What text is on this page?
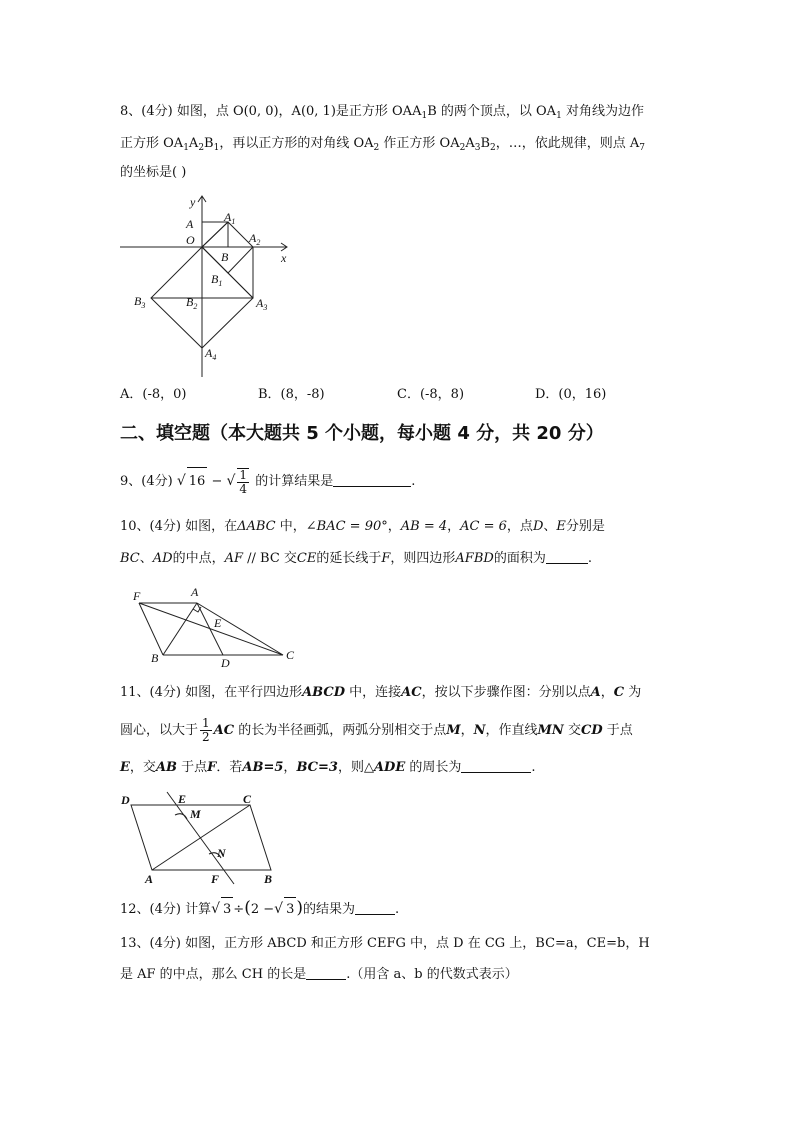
8、(4分) 如图，点 O(0, 0)，A(0, 1)是正方形 $OAA_1B$ 的两个顶点，以 $OA_1$ 对角线为边作
正方形 $OA_1A_2B_1$，再以正方形的对角线 $OA_2$ 作正方形 $OA_2A_3B_2$，…，依此规律，则点 $A_7$
的坐标是( )
y
x
A
O
$A_1$
$A_2$
B
$B_1$
$B_2$
$B_3$	$A_3$
$A_4$
F	A
E
B	D
C
D	E	C
M
N
A	F	B
A．(-8，0)	B．(8，-8)	C．(-8，8)	D．(0，16)
二、填空题（本大题共 5 个小题，每小题 4 分，共 20 分）
9、(4分) √ 16 − √ $\frac{1}{4}$ 的计算结果是	.
10、(4分) 如图，在ΔABC 中，∠BAC = 90°，AB = 4，AC = 6，点D、E分别是
BC、AD的中点，AF // BC 交CE的延长线于F，则四边形AFBD的面积为	.
11、(4分) 如图，在平行四边形ABCD 中，连接AC，按以下步骤作图：分别以点A，C 为
圆心，以大于 $\frac{1}{2}$ AC 的长为半径画弧，两弧分别相交于点M，N，作直线MN 交CD 于点
E，交AB 于点F．若AB=5，BC=3，则△ADE 的周长为	.
12、(4分) 计算√ 3 ÷(2 −√ 3 )的结果为	.
13、(4分) 如图，正方形 ABCD 和正方形 CEFG 中，点 D 在 CG 上，BC=a，CE=b，H
是 AF 的中点，那么 CH 的长是	.（用含 a、b 的代数式表示）
